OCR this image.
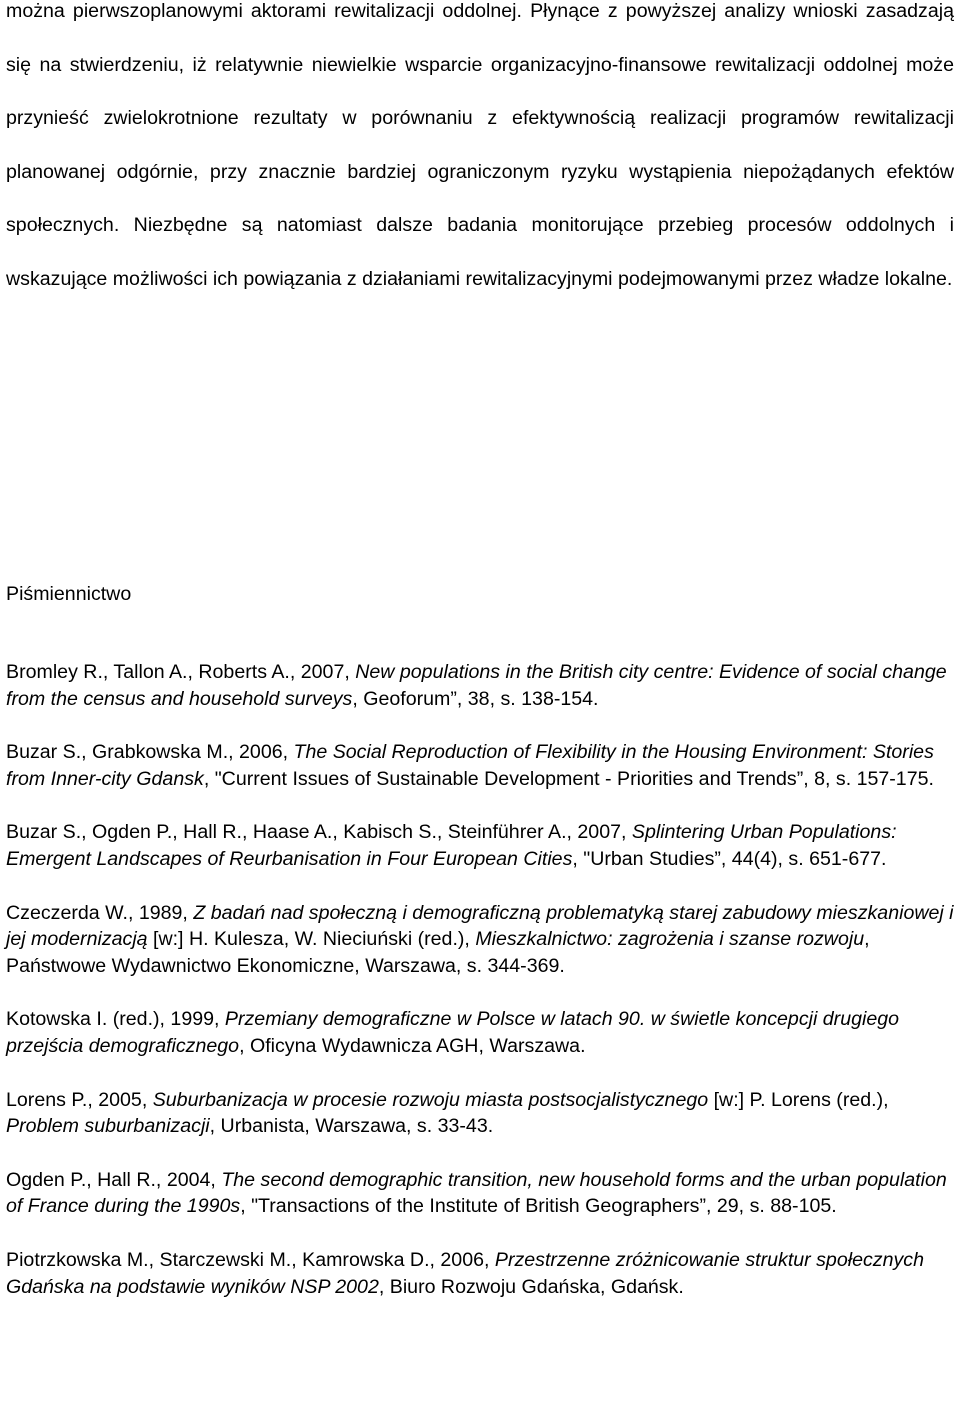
można pierwszoplanowymi aktorami rewitalizacji oddolnej. Płynące z powyższej analizy wnioski zasadzają się na stwierdzeniu, iż relatywnie niewielkie wsparcie organizacyjno-finansowe rewitalizacji oddolnej może przynieść zwielokrotnione rezultaty w porównaniu z efektywnością realizacji programów rewitalizacji planowanej odgórnie, przy znacznie bardziej ograniczonym ryzyku wystąpienia niepożądanych efektów społecznych. Niezbędne są natomiast dalsze badania monitorujące przebieg procesów oddolnych i wskazujące możliwości ich powiązania z działaniami rewitalizacyjnymi podejmowanymi przez władze lokalne.

Piśmiennictwo
Bromley R., Tallon A., Roberts A., 2007, New populations in the British city centre: Evidence of social change from the census and household surveys, Geoforum”, 38, s. 138-154.
Buzar S., Grabkowska M., 2006, The Social Reproduction of Flexibility in the Housing Environment: Stories from Inner-city Gdansk, "Current Issues of Sustainable Development - Priorities and Trends”, 8, s. 157-175.
Buzar S., Ogden P., Hall R., Haase A., Kabisch S., Steinführer A., 2007, Splintering Urban Populations: Emergent Landscapes of Reurbanisation in Four European Cities, "Urban Studies”, 44(4), s. 651-677.
Czeczerda W., 1989, Z badań nad społeczną i demograficzną problematyką starej zabudowy mieszkaniowej i jej modernizacją [w:] H. Kulesza, W. Nieciuński (red.), Mieszkalnictwo: zagrożenia i szanse rozwoju, Państwowe Wydawnictwo Ekonomiczne, Warszawa, s. 344-369.
Kotowska I. (red.), 1999, Przemiany demograficzne w Polsce w latach 90. w świetle koncepcji drugiego przejścia demograficznego, Oficyna Wydawnicza AGH, Warszawa.
Lorens P., 2005, Suburbanizacja w procesie rozwoju miasta postsocjalistycznego [w:] P. Lorens (red.), Problem suburbanizacji, Urbanista, Warszawa, s. 33-43.
Ogden P., Hall R., 2004, The second demographic transition, new household forms and the urban population of France during the 1990s, "Transactions of the Institute of British Geographers”, 29, s. 88-105.
Piotrzkowska M., Starczewski M., Kamrowska D., 2006, Przestrzenne zróżnicowanie struktur społecznych Gdańska na podstawie wyników NSP 2002, Biuro Rozwoju Gdańska, Gdańsk.
